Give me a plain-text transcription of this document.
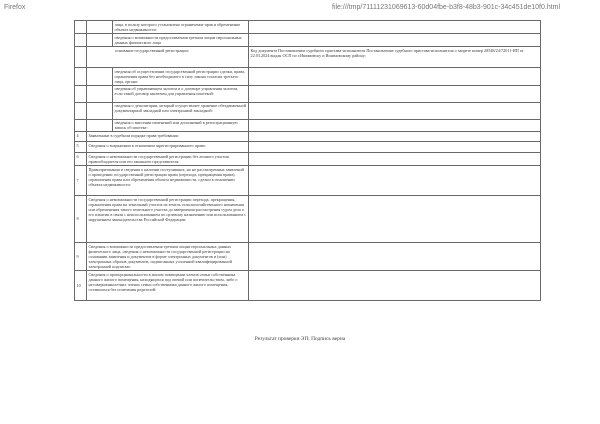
Firefox	file:///tmp/71111231069613-60d04fbe-b3f8-48b3-901c-34c451de10f0.html
		лица, в пользу которого установлено ограничение прав и обременение объекта недвижимости:	
		сведения о возможности предоставления третьим лицам персональных данных физического лица	
	основание государственной регистрации:		Код документа Постановление судебного пристава-исполнителя Постановление судебного пристава-исполнителя о запрете номер 28548/24/72011-ИП от 22.03.2024 выдан ОСП по г.Ишимовску и Ишимовскому району;
		сведения об осуществлении государственной регистрации сделки, права, ограничения права без необходимого в силу закона согласия третьего лица, органа:	
		сведения об управляющем залогом и о договоре управления залогом, если такой договор заключен для управления ипотекой:	
		сведения о депозитарии, который осуществляет хранение обездвиженной документарной закладной или электронной закладной:	
		сведения о внесении изменений или дополнений в регистрационную запись об ипотеке:	
4	Заявленные в судебном порядке права требования:		
5	Сведения о возражении в отношении зарегистрированного права:		
6	Сведения о невозможности государственной регистрации без личного участия правообладателя или его законного представителя:		
7	Правопритязания и сведения о наличии поступивших, но не рассмотренных заявлений о проведении государственной регистрации права (перехода, прекращения права), ограничения права или обременения объекта недвижимости, сделки в отношении объекта недвижимости:		
8	Сведения о невозможности государственной регистрации перехода, прекращения, ограничения права на земельный участок из земель сельскохозяйственного назначения или обременения такого земельного участка до завершения рассмотрения судом дела о его изъятии в связи с неиспользованием по целевому назначению или использованием с нарушением законодательства Российской Федерации:		
9	Сведения о возможности предоставления третьим лицам персональных данных физического лица, сведения о невозможности государственной регистрации на основании заявления и документов в форме электронных документов и (или) электронных образов документов, подписанных усиленной квалифицированной электронной подписью:		
10	Сведения о пропорциональности в жилом помещении членов семьи собственника данного жилого помещения, находящихся под опекой или попечительством, либо о несовершеннолетних членах семьи собственника данного жилого помещения, оставшихся без попечения родителей:		
Результат проверки ЭП: Подпись верна
